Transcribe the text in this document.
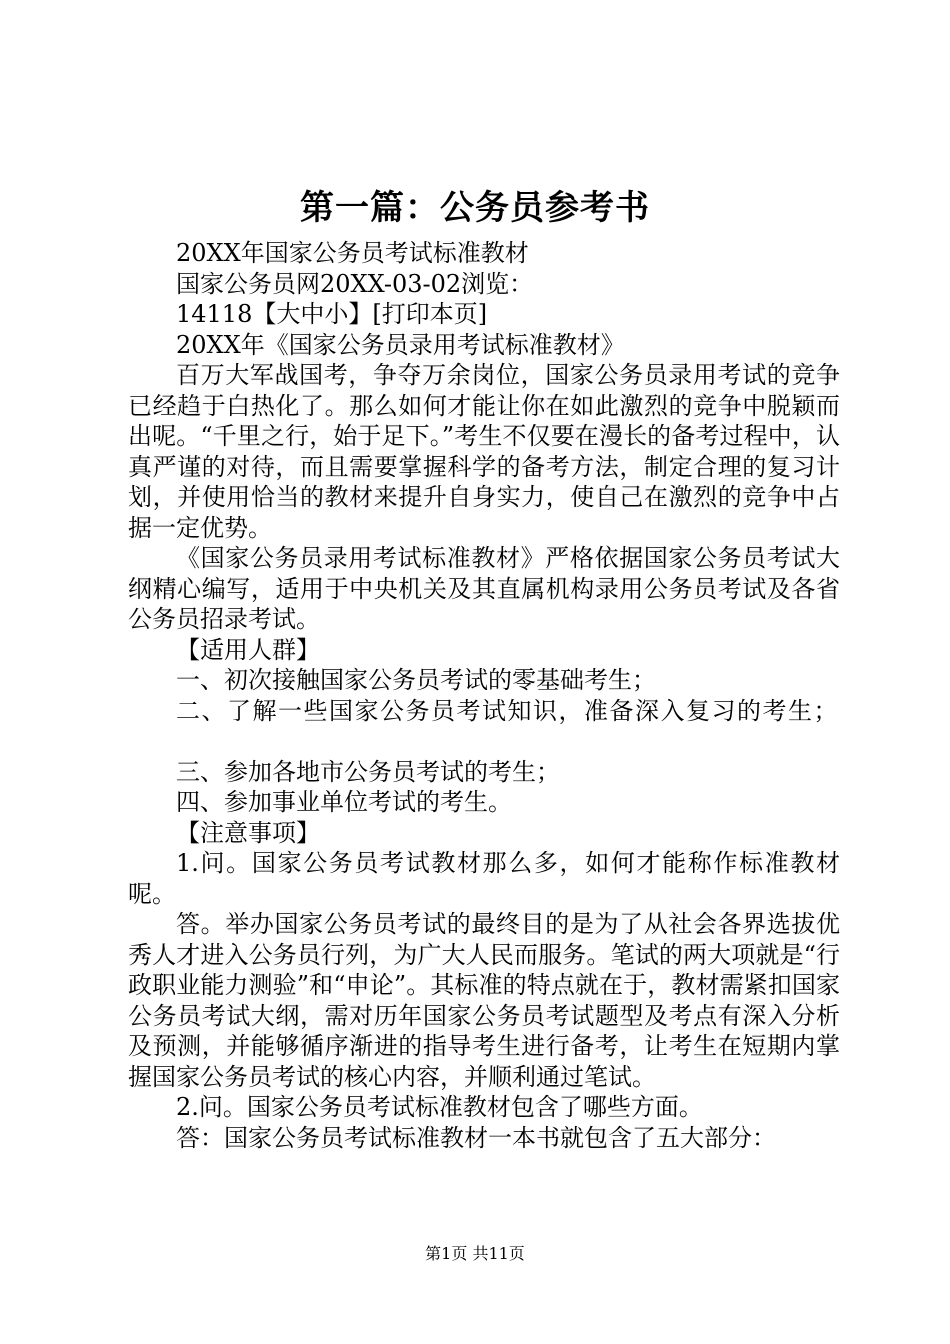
第一篇：公务员参考书

20XX年国家公务员考试标准教材

国家公务员网20XX-03-02浏览：

14118【大中小】[打印本页]

20XX年《国家公务员录用考试标准教材》

百万大军战国考，争夺万余岗位，国家公务员录用考试的竞争已经趋于白热化了。那么如何才能让你在如此激烈的竞争中脱颖而出呢。“千里之行，始于足下。”考生不仅要在漫长的备考过程中，认真严谨的对待，而且需要掌握科学的备考方法，制定合理的复习计划，并使用恰当的教材来提升自身实力，使自己在激烈的竞争中占据一定优势。

《国家公务员录用考试标准教材》严格依据国家公务员考试大纲精心编写，适用于中央机关及其直属机构录用公务员考试及各省公务员招录考试。

【适用人群】

一、初次接触国家公务员考试的零基础考生；

二、了解一些国家公务员考试知识，准备深入复习的考生；

三、参加各地市公务员考试的考生；

四、参加事业单位考试的考生。

【注意事项】

1.问。国家公务员考试教材那么多，如何才能称作标准教材呢。

答。举办国家公务员考试的最终目的是为了从社会各界选拔优秀人才进入公务员行列，为广大人民而服务。笔试的两大项就是“行政职业能力测验”和“申论”。其标准的特点就在于，教材需紧扣国家公务员考试大纲，需对历年国家公务员考试题型及考点有深入分析及预测，并能够循序渐进的指导考生进行备考，让考生在短期内掌握国家公务员考试的核心内容，并顺利通过笔试。

2.问。国家公务员考试标准教材包含了哪些方面。

答：国家公务员考试标准教材一本书就包含了五大部分：

第1页 共11页
